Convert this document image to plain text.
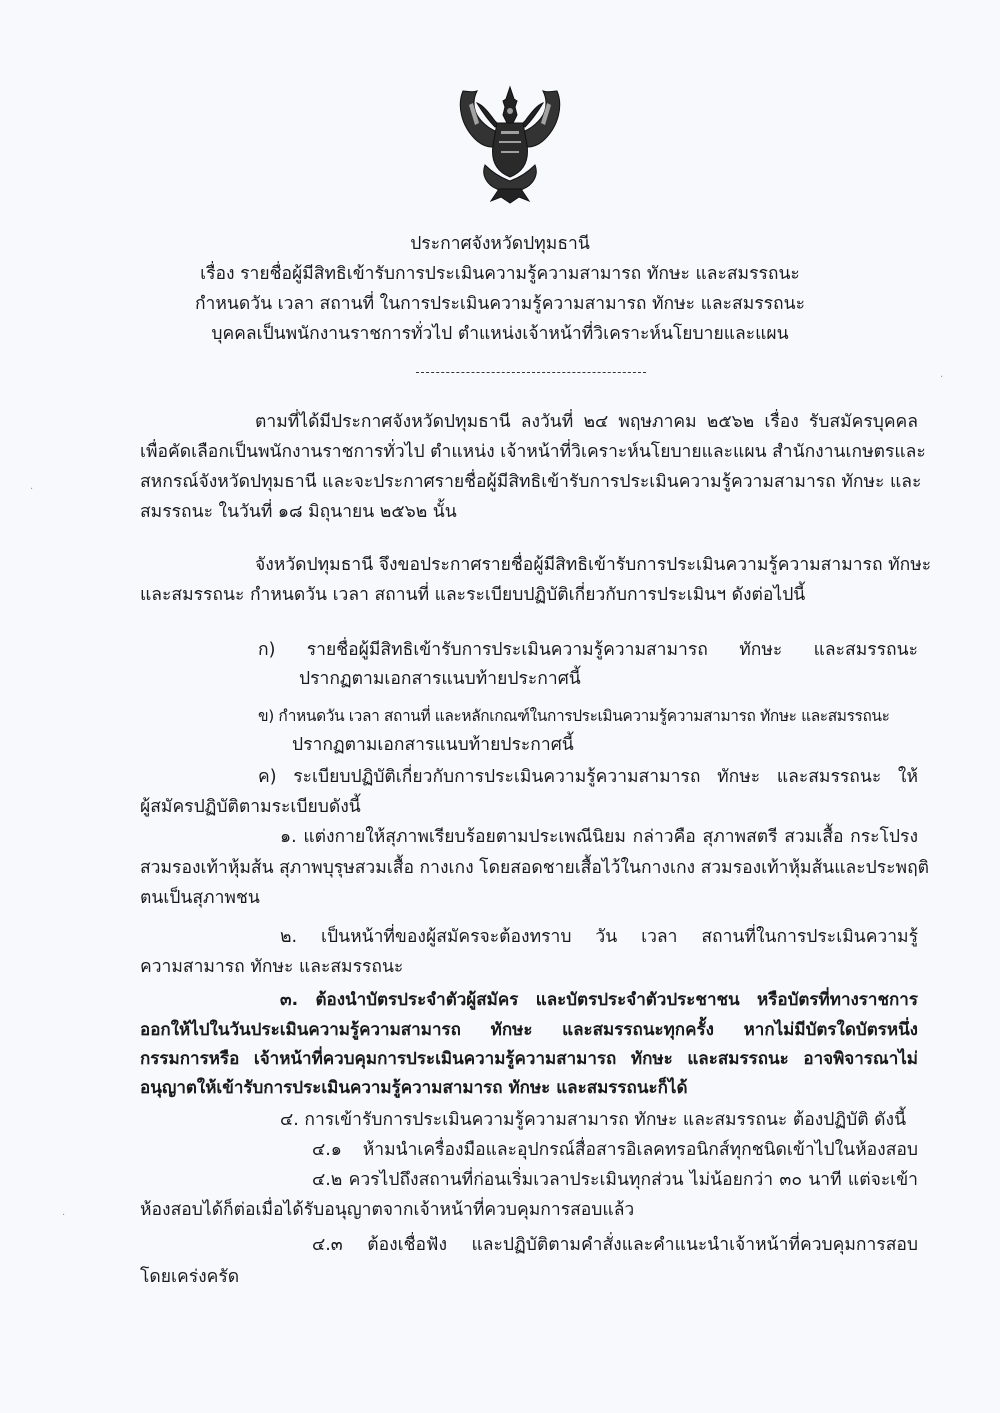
ประกาศจังหวัดปทุมธานี
เรื่อง รายชื่อผู้มีสิทธิเข้ารับการประเมินความรู้ความสามารถ ทักษะ และสมรรถนะ
กำหนดวัน เวลา สถานที่ ในการประเมินความรู้ความสามารถ ทักษะ และสมรรถนะ
บุคคลเป็นพนักงานราชการทั่วไป ตำแหน่งเจ้าหน้าที่วิเคราะห์นโยบายและแผน
ตามที่ได้มีประกาศจังหวัดปทุมธานี ลงวันที่ ๒๔ พฤษภาคม ๒๕๖๒ เรื่อง รับสมัครบุคคล
เพื่อคัดเลือกเป็นพนักงานราชการทั่วไป ตำแหน่ง เจ้าหน้าที่วิเคราะห์นโยบายและแผน สำนักงานเกษตรและ
สหกรณ์จังหวัดปทุมธานี และจะประกาศรายชื่อผู้มีสิทธิเข้ารับการประเมินความรู้ความสามารถ ทักษะ และ
สมรรถนะ ในวันที่ ๑๘ มิถุนายน ๒๕๖๒ นั้น
จังหวัดปทุมธานี จึงขอประกาศรายชื่อผู้มีสิทธิเข้ารับการประเมินความรู้ความสามารถ ทักษะ
และสมรรถนะ กำหนดวัน เวลา สถานที่ และระเบียบปฏิบัติเกี่ยวกับการประเมินฯ ดังต่อไปนี้
ก) รายชื่อผู้มีสิทธิเข้ารับการประเมินความรู้ความสามารถ ทักษะ และสมรรถนะ
ปรากฏตามเอกสารแนบท้ายประกาศนี้
ข) กำหนดวัน เวลา สถานที่ และหลักเกณฑ์ในการประเมินความรู้ความสามารถ ทักษะ และสมรรถนะ
ปรากฏตามเอกสารแนบท้ายประกาศนี้
ค) ระเบียบปฏิบัติเกี่ยวกับการประเมินความรู้ความสามารถ ทักษะ และสมรรถนะ ให้
ผู้สมัครปฏิบัติตามระเบียบดังนี้
๑. แต่งกายให้สุภาพเรียบร้อยตามประเพณีนิยม กล่าวคือ สุภาพสตรี สวมเสื้อ กระโปรง
สวมรองเท้าหุ้มส้น สุภาพบุรุษสวมเสื้อ กางเกง โดยสอดชายเสื้อไว้ในกางเกง สวมรองเท้าหุ้มส้นและประพฤติ
ตนเป็นสุภาพชน
๒. เป็นหน้าที่ของผู้สมัครจะต้องทราบ วัน เวลา สถานที่ในการประเมินความรู้
ความสามารถ ทักษะ และสมรรถนะ
๓. ต้องนำบัตรประจำตัวผู้สมัคร และบัตรประจำตัวประชาชน หรือบัตรที่ทางราชการ
ออกให้ไปในวันประเมินความรู้ความสามารถ ทักษะ และสมรรถนะทุกครั้ง หากไม่มีบัตรใดบัตรหนึ่ง
กรรมการหรือ เจ้าหน้าที่ควบคุมการประเมินความรู้ความสามารถ ทักษะ และสมรรถนะ อาจพิจารณาไม่
อนุญาตให้เข้ารับการประเมินความรู้ความสามารถ ทักษะ และสมรรถนะก็ได้
๔. การเข้ารับการประเมินความรู้ความสามารถ ทักษะ และสมรรถนะ ต้องปฏิบัติ ดังนี้
๔.๑ ห้ามนำเครื่องมือและอุปกรณ์สื่อสารอิเลคทรอนิกส์ทุกชนิดเข้าไปในห้องสอบ
๔.๒ ควรไปถึงสถานที่ก่อนเริ่มเวลาประเมินทุกส่วน ไม่น้อยกว่า ๓๐ นาที แต่จะเข้า
ห้องสอบได้ก็ต่อเมื่อได้รับอนุญาตจากเจ้าหน้าที่ควบคุมการสอบแล้ว
๔.๓ ต้องเชื่อฟัง และปฏิบัติตามคำสั่งและคำแนะนำเจ้าหน้าที่ควบคุมการสอบ
โดยเคร่งครัด
·
·
·
